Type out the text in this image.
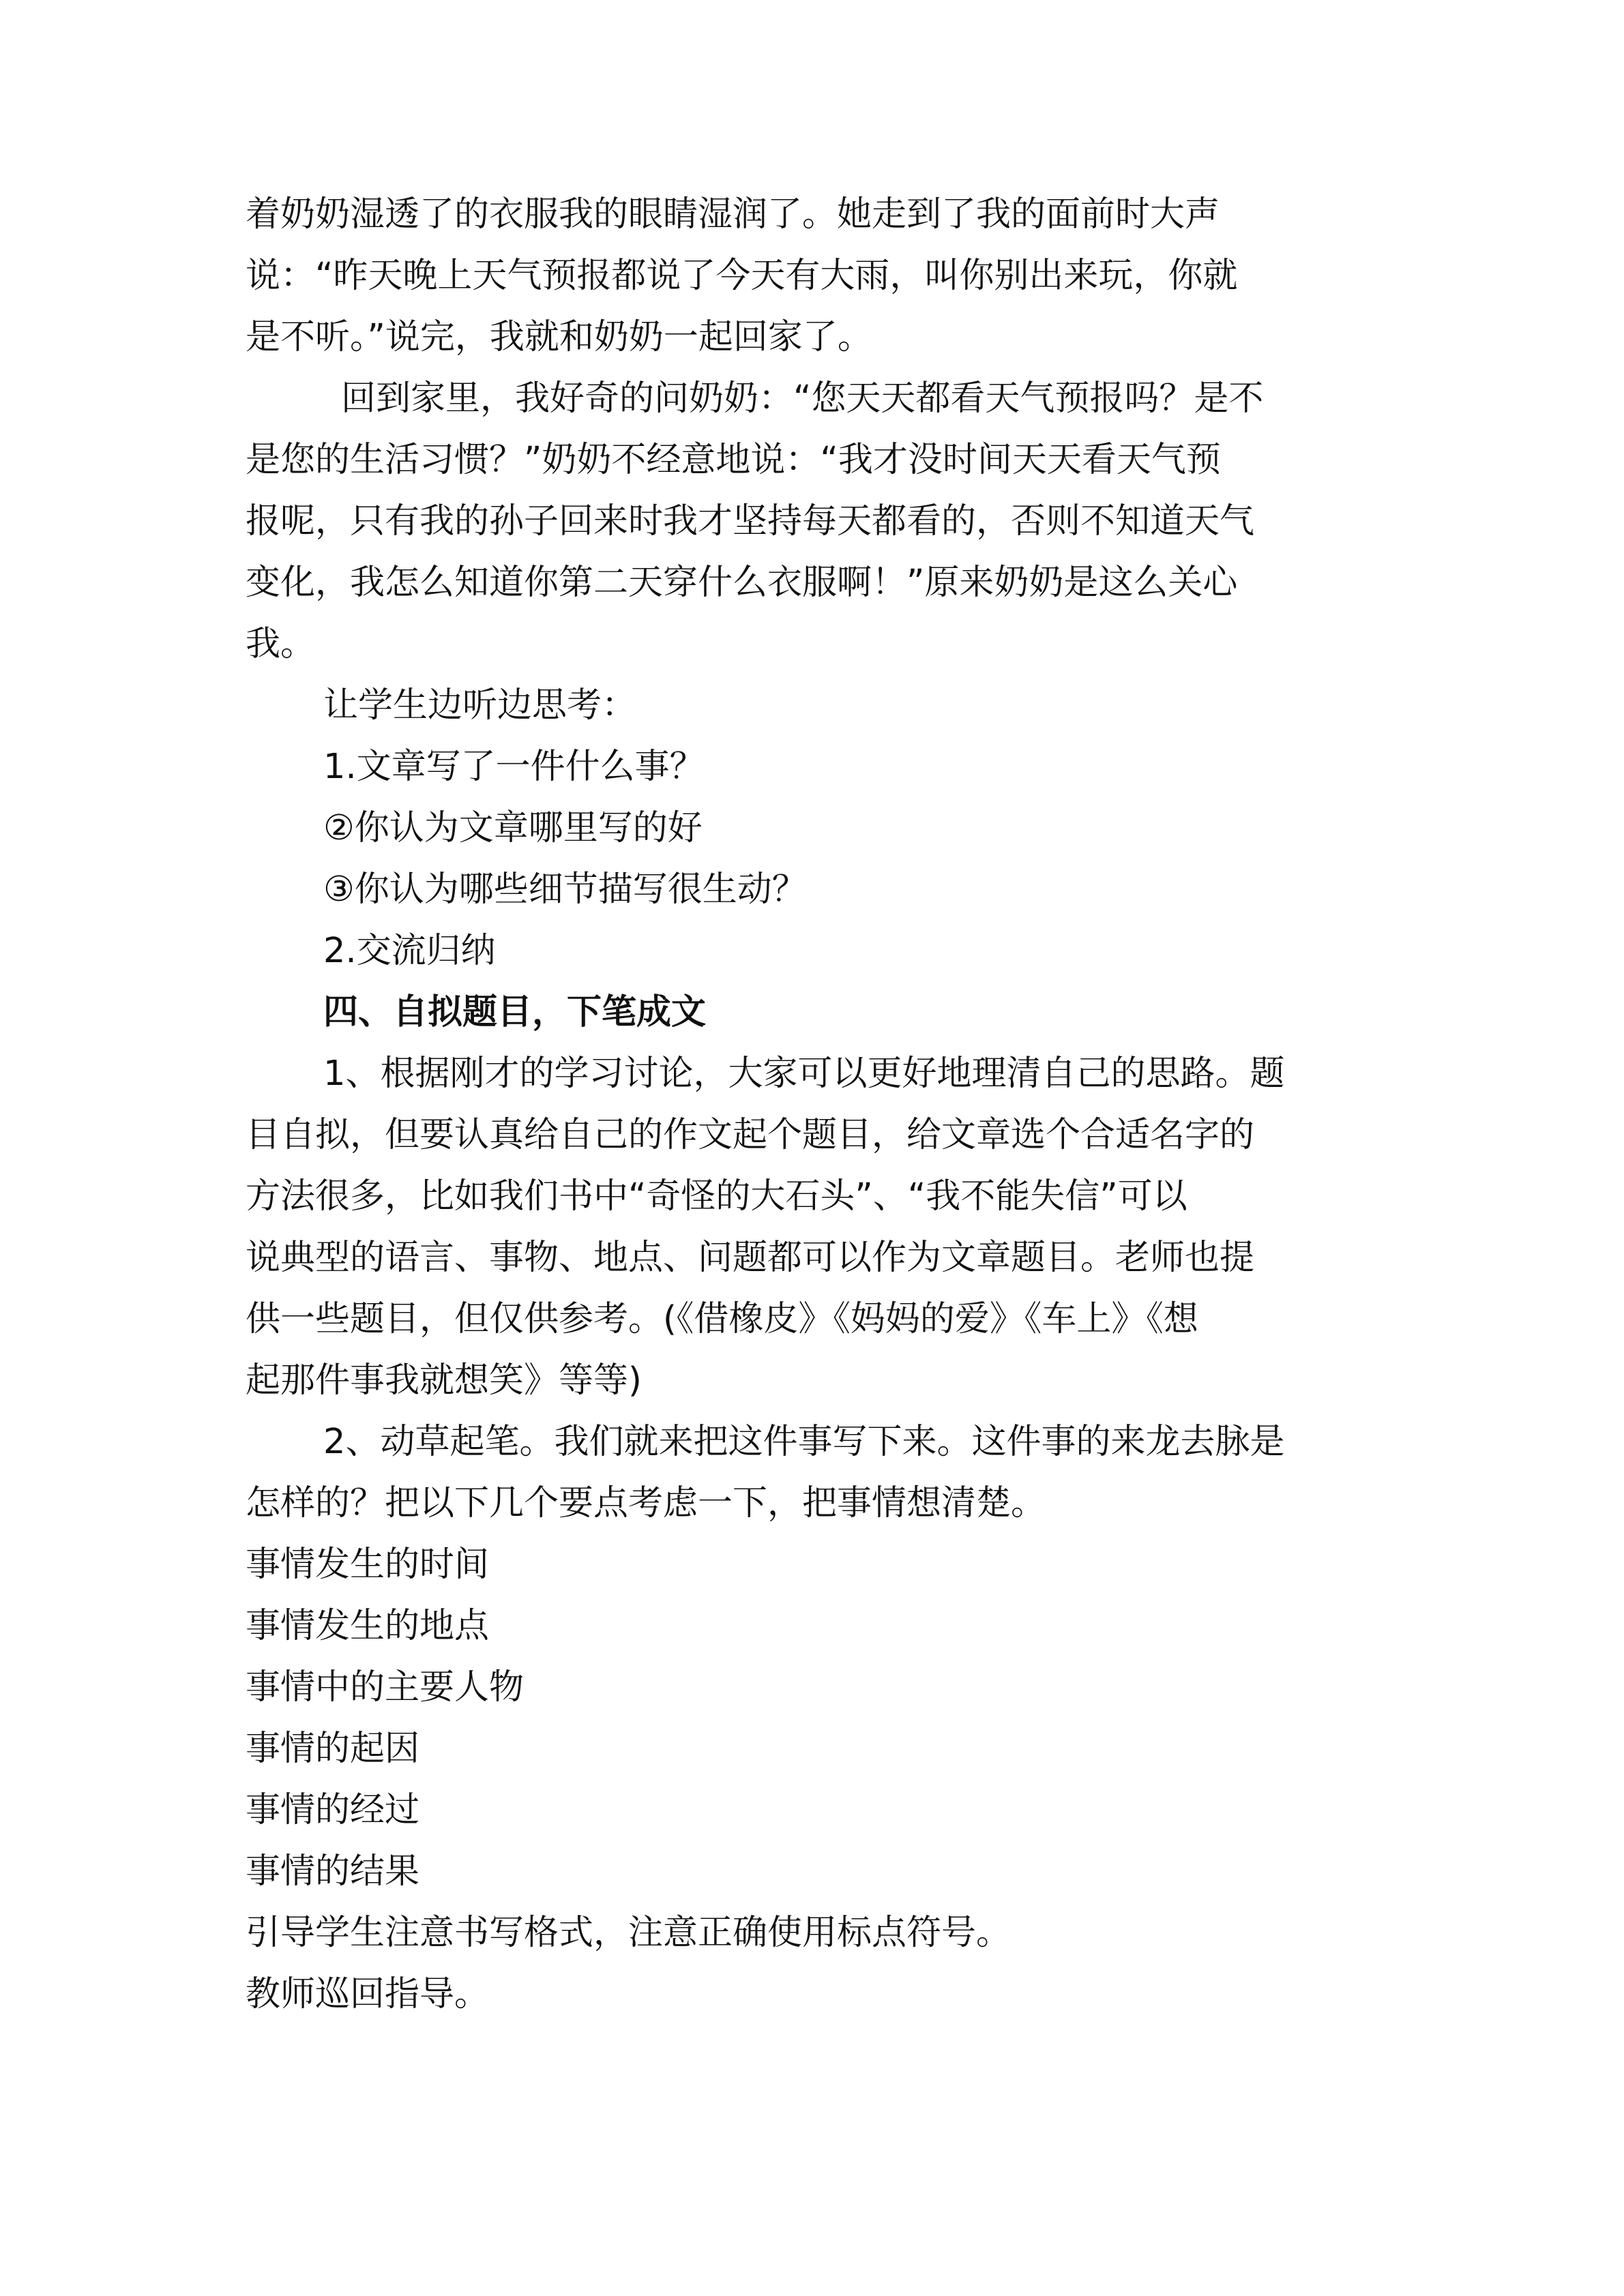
着奶奶湿透了的衣服我的眼睛湿润了。她走到了我的面前时大声
说：“昨天晚上天气预报都说了今天有大雨，叫你别出来玩，你就
是不听。”说完，我就和奶奶一起回家了。
回到家里，我好奇的问奶奶：“您天天都看天气预报吗？是不
是您的生活习惯？”奶奶不经意地说：“我才没时间天天看天气预
报呢，只有我的孙子回来时我才坚持每天都看的，否则不知道天气
变化，我怎么知道你第二天穿什么衣服啊！”原来奶奶是这么关心
我。
让学生边听边思考：
1.文章写了一件什么事？
②你认为文章哪里写的好
③你认为哪些细节描写很生动？
2.交流归纳
四、自拟题目，下笔成文
1、根据刚才的学习讨论，大家可以更好地理清自己的思路。题
目自拟，但要认真给自己的作文起个题目，给文章选个合适名字的
方法很多，比如我们书中“奇怪的大石头”、“我不能失信”可以
说典型的语言、事物、地点、问题都可以作为文章题目。老师也提
供一些题目，但仅供参考。(《借橡皮》《妈妈的爱》《车上》《想
起那件事我就想笑》等等)
2、动草起笔。我们就来把这件事写下来。这件事的来龙去脉是
怎样的？把以下几个要点考虑一下，把事情想清楚。
事情发生的时间
事情发生的地点
事情中的主要人物
事情的起因
事情的经过
事情的结果
引导学生注意书写格式，注意正确使用标点符号。
教师巡回指导。
